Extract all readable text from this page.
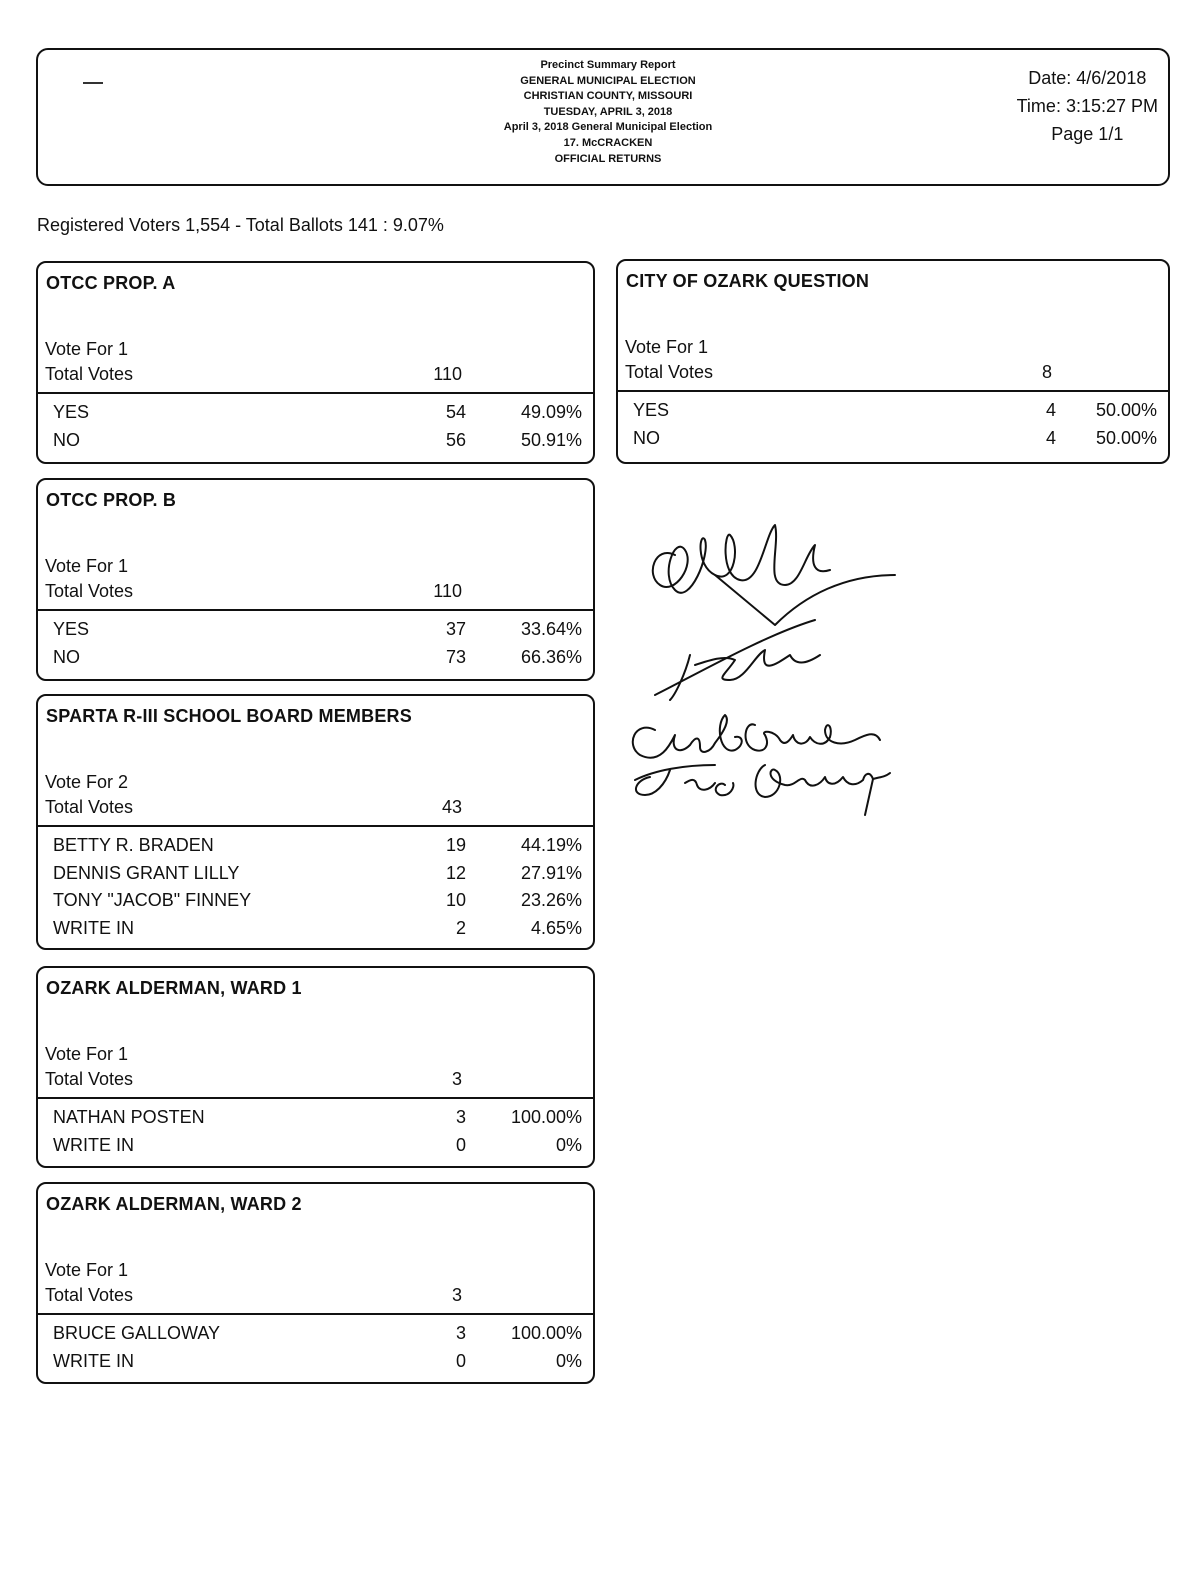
Precinct Summary Report
GENERAL MUNICIPAL ELECTION
CHRISTIAN COUNTY, MISSOURI
TUESDAY, APRIL 3, 2018
April 3, 2018 General Municipal Election
17. McCRACKEN
OFFICIAL RETURNS
Date: 4/6/2018
Time: 3:15:27 PM
Page 1/1
Registered Voters 1,554 - Total Ballots 141 : 9.07%
OTCC PROP. A
Vote For 1
Total Votes	110
YES	54	49.09%
NO	56	50.91%
CITY OF OZARK QUESTION
Vote For 1
Total Votes	8
YES	4	50.00%
NO	4	50.00%
OTCC PROP. B
Vote For 1
Total Votes	110
YES	37	33.64%
NO	73	66.36%
SPARTA R-III SCHOOL BOARD MEMBERS
Vote For 2
Total Votes	43
BETTY R. BRADEN	19	44.19%
DENNIS GRANT LILLY	12	27.91%
TONY "JACOB" FINNEY	10	23.26%
WRITE IN	2	4.65%
OZARK ALDERMAN, WARD 1
Vote For 1
Total Votes	3
NATHAN POSTEN	3	100.00%
WRITE IN	0	0%
OZARK ALDERMAN, WARD 2
Vote For 1
Total Votes	3
BRUCE GALLOWAY	3	100.00%
WRITE IN	0	0%
